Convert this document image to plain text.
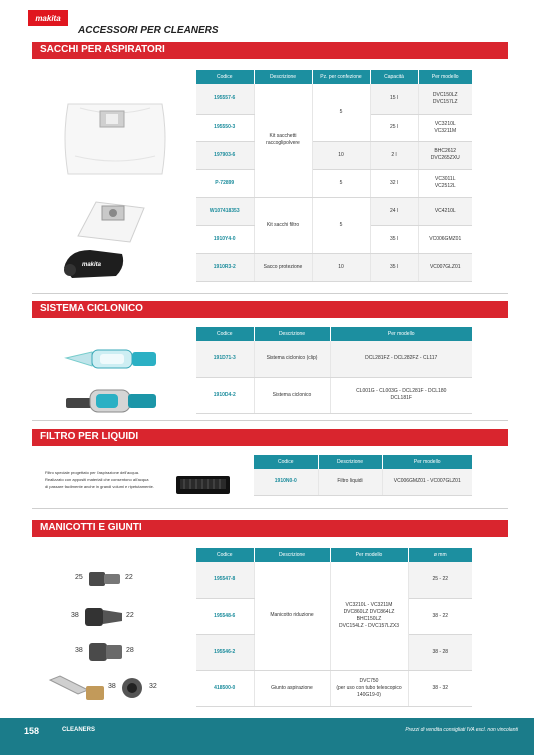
makita
ACCESSORI PER CLEANERS
SACCHI PER ASPIRATORI
makita
Codice	Descrizione	Pz. per confezione	Capacità	Per modello
195557-6	Kit sacchetti raccoglipolvere	5	15 l	DVC150LZ
DVC157LZ
195550-3			25 l	VC3210L
VC3211M
197903-6		10	2 l	BHC2612
DVC265ZXU
P-72899		5	32 l	VC3011L
VC2512L
W107418353	Kit sacchi filtro	5	24 l	VC4210L
1910Y4-0			35 l	VC006GMZ01
1910R3-2	Sacco protezione	10	35 l	VC007GLZ01
SISTEMA CICLONICO
Codice	Descrizione	Per modello
191D71-3	Sistema ciclonico (clip)	DCL281FZ - DCL282FZ - CL117
1910D4-2	Sistema ciclonico	CL001G - CL003G - DCL281F - DCL180
DCL181F
FILTRO PER LIQUIDI
Filtro speciale progettato per l'aspirazione dell'acqua.
Realizzato con appositi materiali che consentono all'acqua
di passare facilmente anche in grandi volumi e ripetutamente.
Codice	Descrizione	Per modello
1910N0-0	Filtro liquidi	VC006GMZ01 - VC007GLZ01
MANICOTTI E GIUNTI
25	22
38	22
38	28
38	32
Codice	Descrizione	Per modello	ø mm
195547-8	Manicotto riduzione	VC3210L - VC3211M
DVC860LZ DVC864LZ
BHC150LZ
DVC154LZ - DVC157LZX3	25 - 22
195548-6			38 - 22
195546-2			38 - 28
418500-0	Giunto aspirazione	DVC750
(per uso con tubo telescopico
140G19-0)	38 - 32
158	CLEANERS	Prezzi di vendita consigliati IVA escl. non vincolanti
